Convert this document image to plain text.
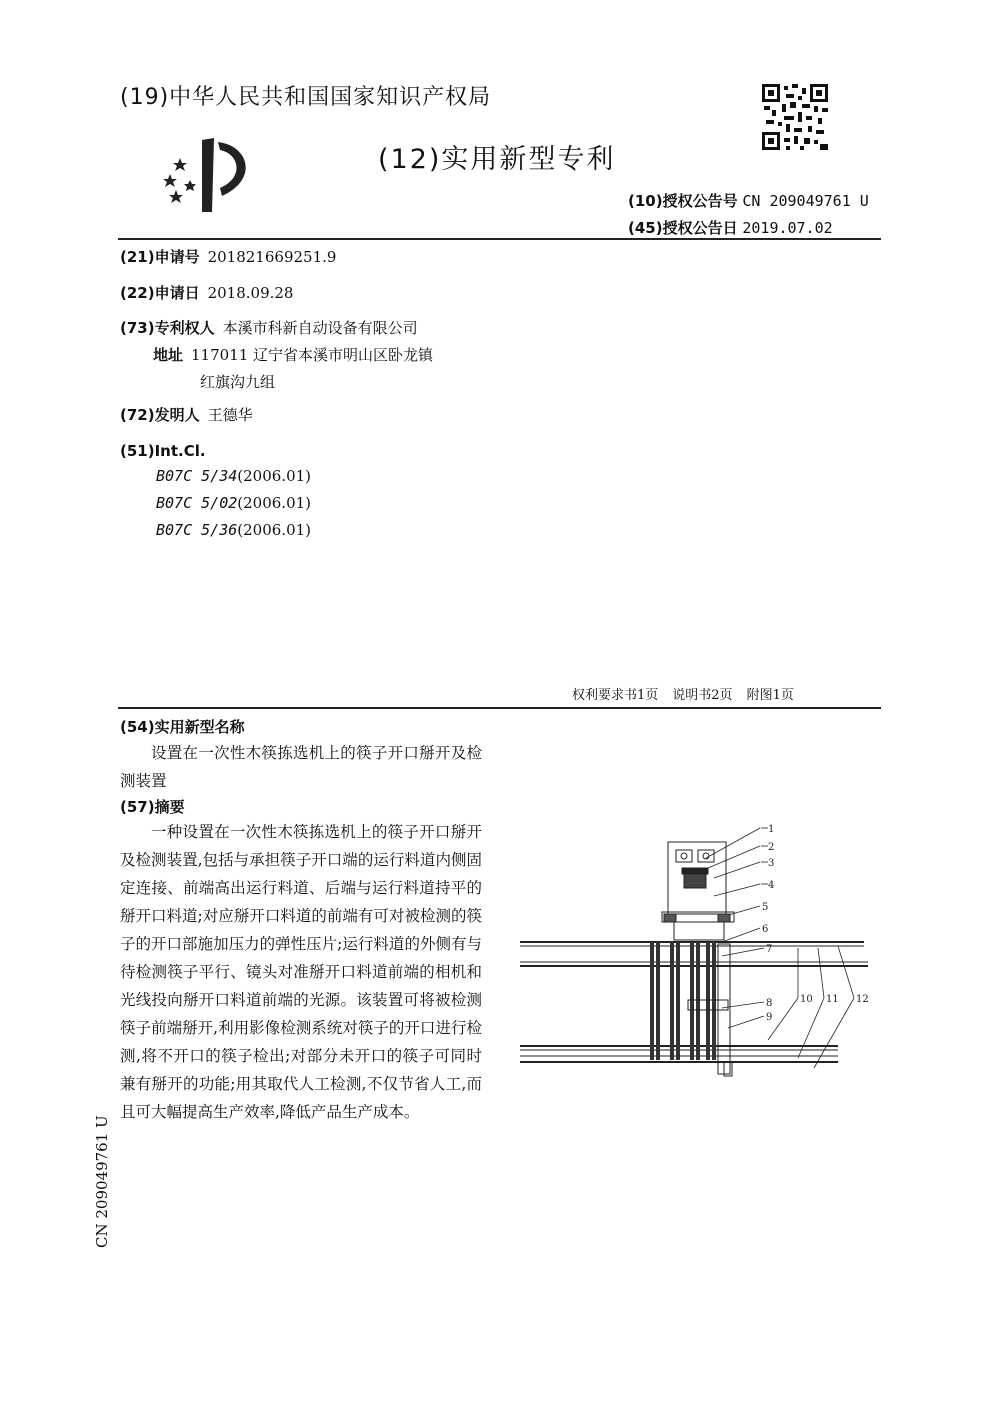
(19)中华人民共和国国家知识产权局
(12)实用新型专利
(10)授权公告号 CN 209049761 U
(45)授权公告日 2019.07.02
(21)申请号 201821669251.9
(22)申请日 2018.09.28
(73)专利权人 本溪市科新自动设备有限公司
地址 117011 辽宁省本溪市明山区卧龙镇
红旗沟九组
(72)发明人 王德华
(51)Int.Cl.
B07C 5/34(2006.01)
B07C 5/02(2006.01)
B07C 5/36(2006.01)
权利要求书1页 说明书2页 附图1页
(54)实用新型名称
设置在一次性木筷拣选机上的筷子开口掰开及检测装置
(57)摘要
一种设置在一次性木筷拣选机上的筷子开口掰开及检测装置,包括与承担筷子开口端的运行料道内侧固定连接、前端高出运行料道、后端与运行料道持平的掰开口料道;对应掰开口料道的前端有可对被检测的筷子的开口部施加压力的弹性压片;运行料道的外侧有与待检测筷子平行、镜头对准掰开口料道前端的相机和光线投向掰开口料道前端的光源。该装置可将被检测筷子前端掰开,利用影像检测系统对筷子的开口进行检测,将不开口的筷子检出;对部分未开口的筷子可同时兼有掰开的功能;用其取代人工检测,不仅节省人工,而且可大幅提高生产效率,降低产品生产成本。
1
2
3
4
5
6
7
8
9
10 11 12
CN 209049761 U
